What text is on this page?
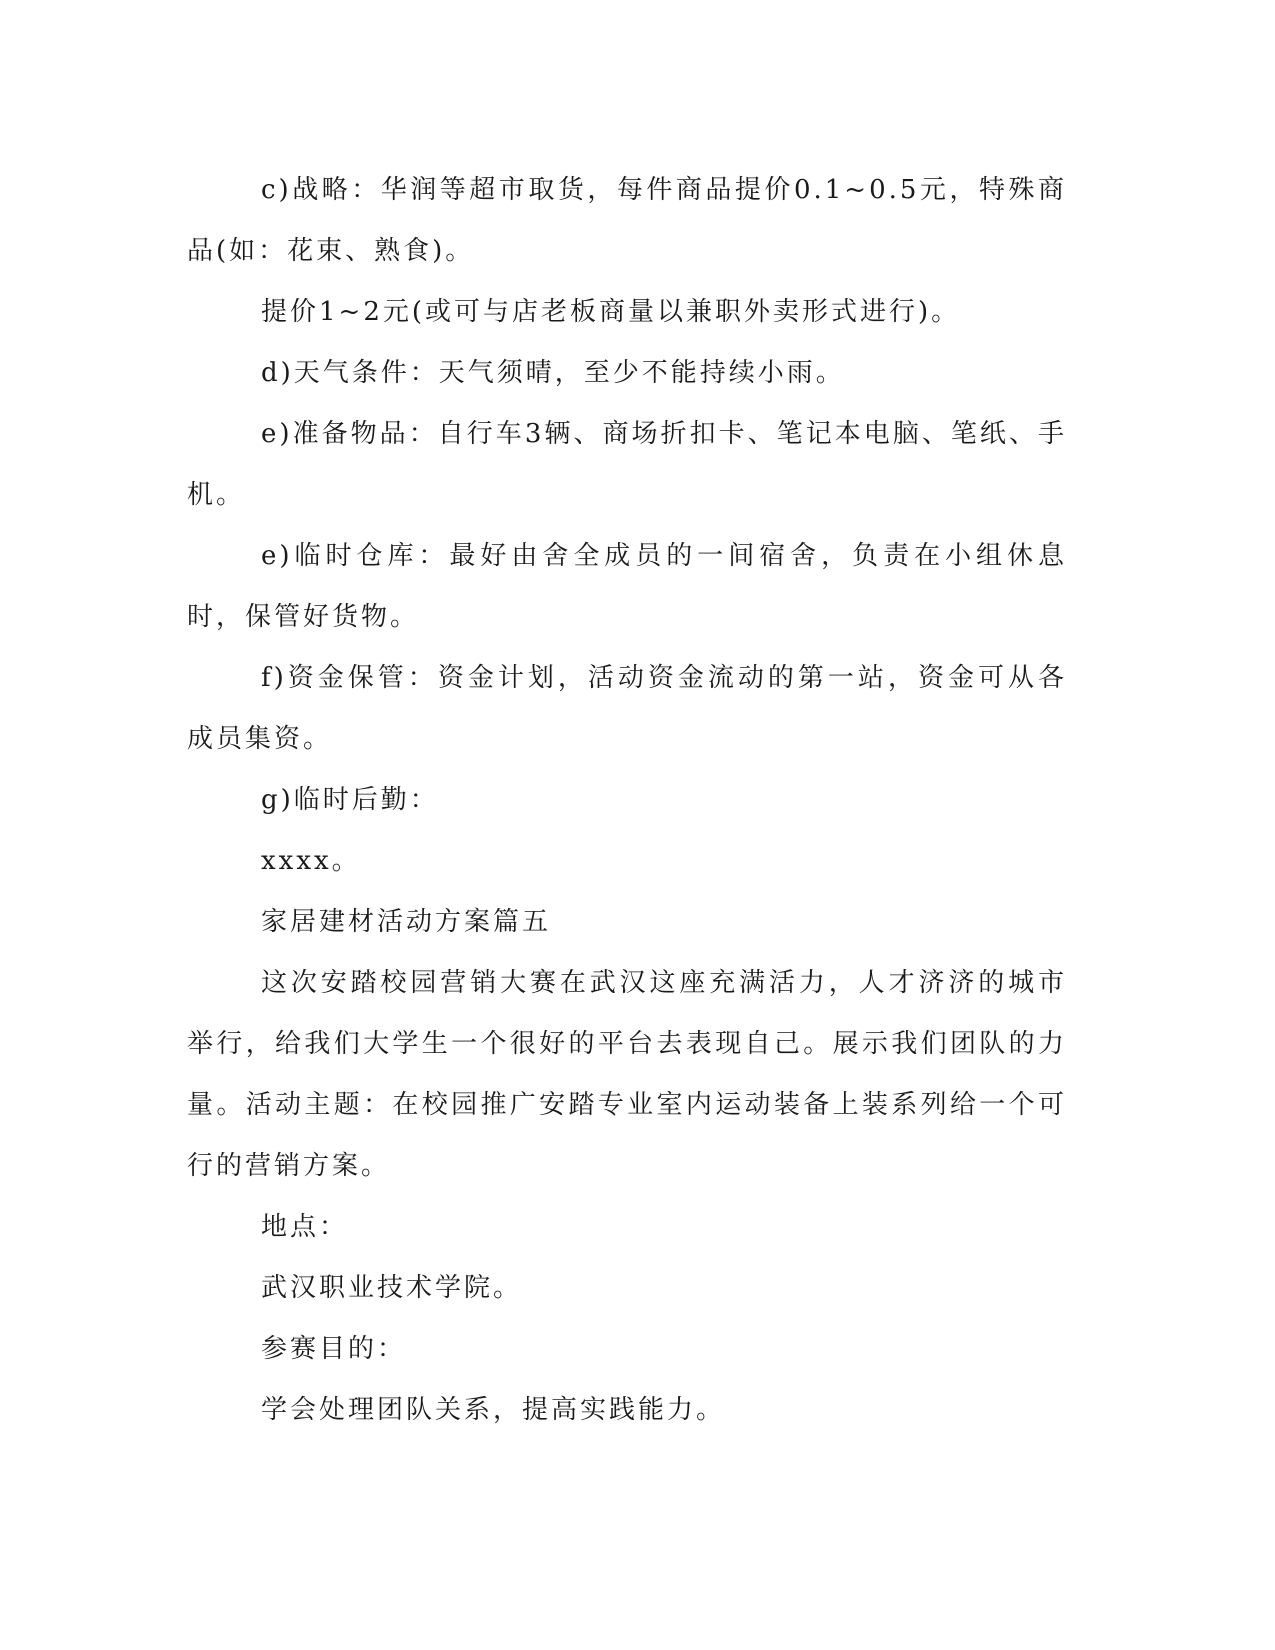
c)战略：华润等超市取货，每件商品提价0.1~0.5元，特殊商品(如：花束、熟食)。

提价1~2元(或可与店老板商量以兼职外卖形式进行)。

d)天气条件：天气须晴，至少不能持续小雨。

e)准备物品：自行车3辆、商场折扣卡、笔记本电脑、笔纸、手机。

e)临时仓库：最好由舍全成员的一间宿舍，负责在小组休息时，保管好货物。

f)资金保管：资金计划，活动资金流动的第一站，资金可从各成员集资。

g)临时后勤：

xxxx。

家居建材活动方案篇五

这次安踏校园营销大赛在武汉这座充满活力，人才济济的城市举行，给我们大学生一个很好的平台去表现自己。展示我们团队的力量。活动主题：在校园推广安踏专业室内运动装备上装系列给一个可行的营销方案。

地点：

武汉职业技术学院。

参赛目的：

学会处理团队关系，提高实践能力。
